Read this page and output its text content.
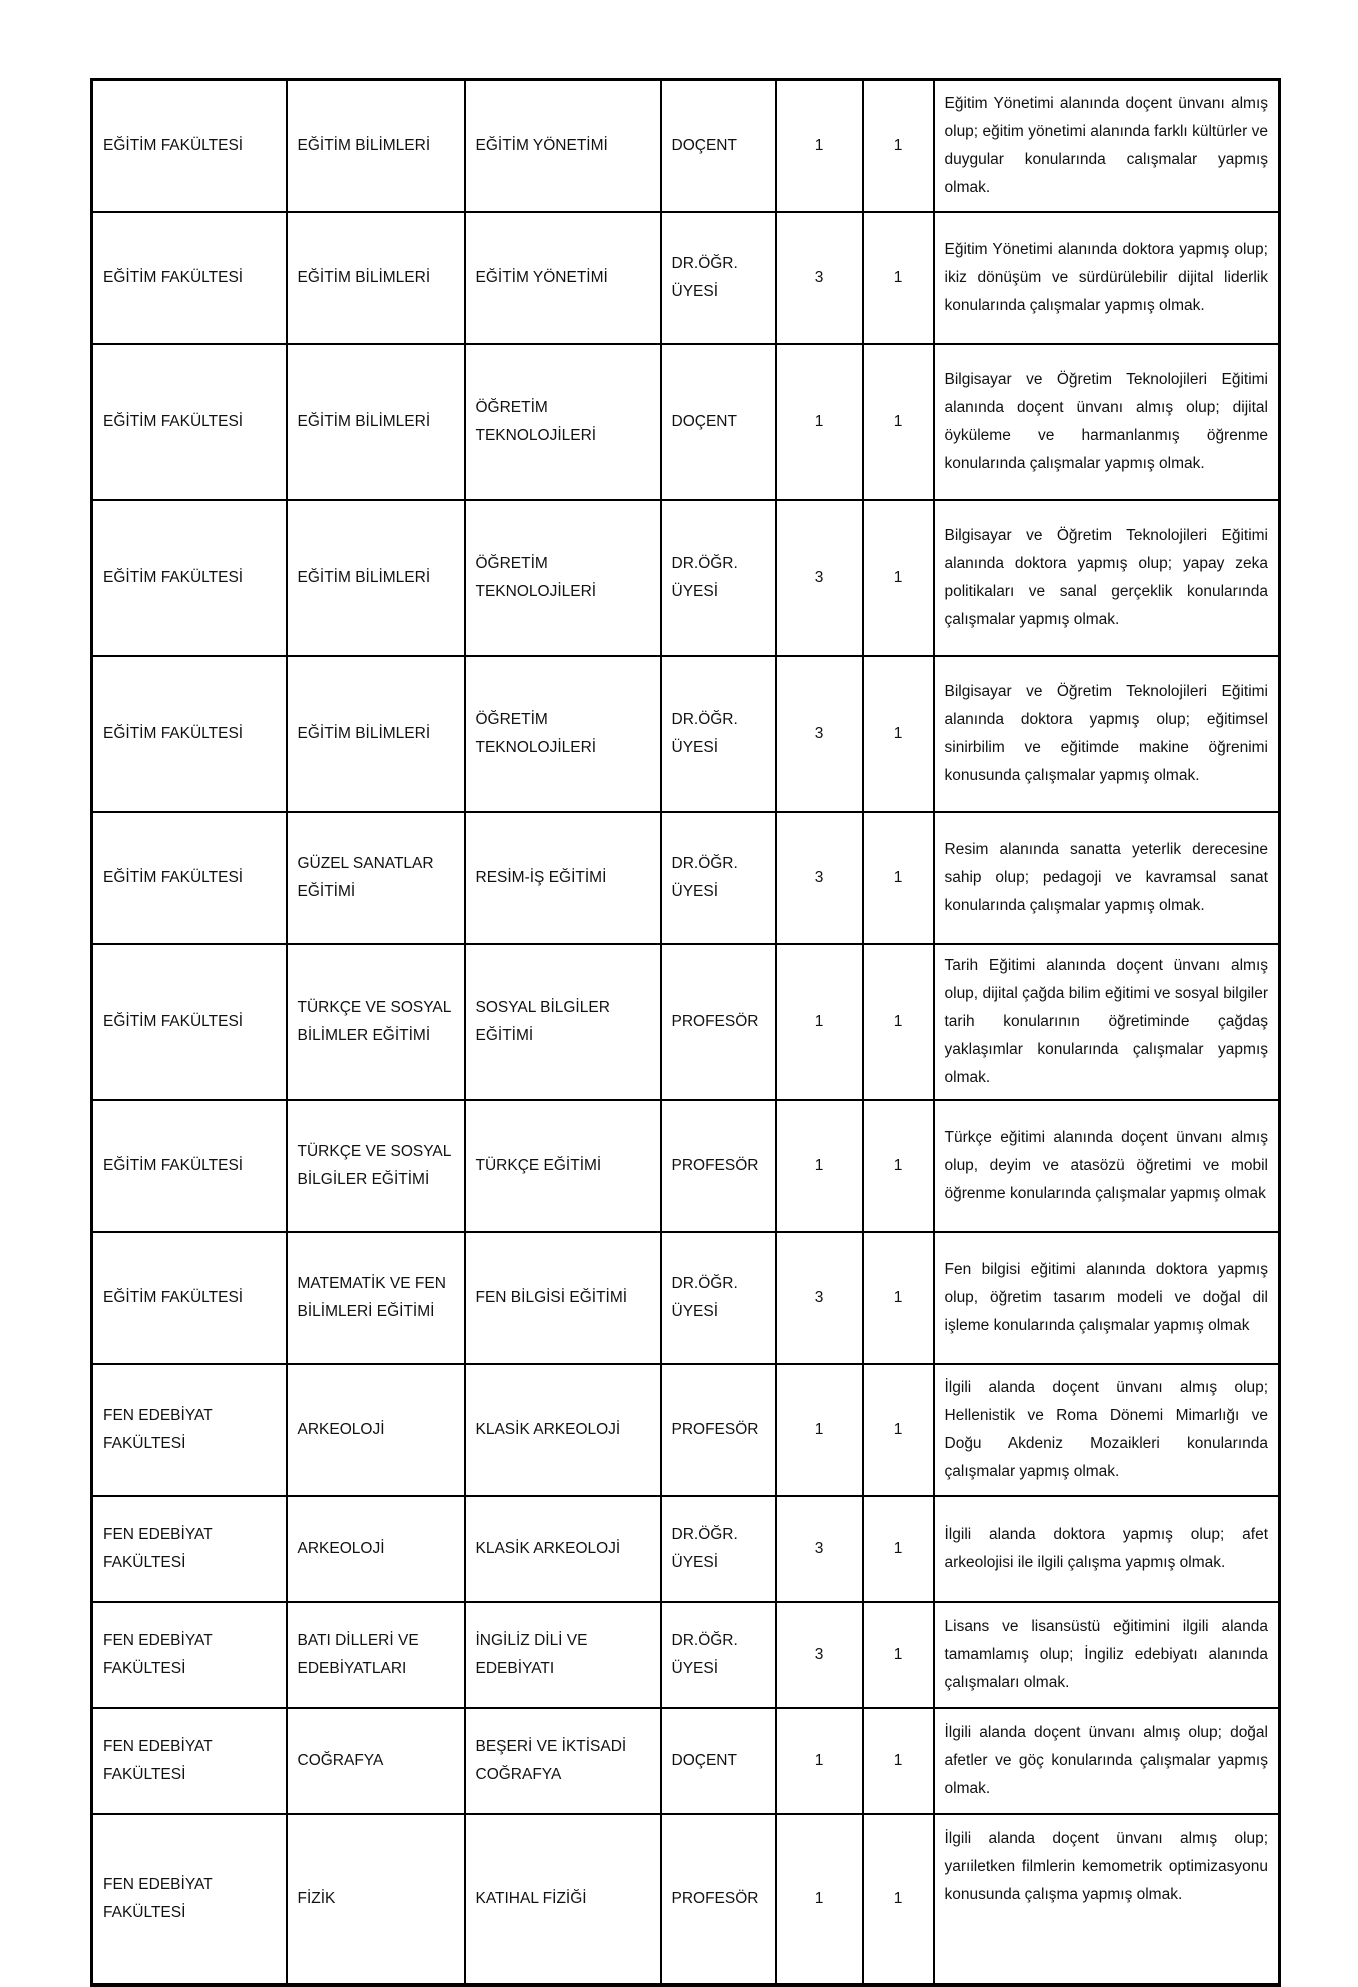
EĞİTİM FAKÜLTESİ	EĞİTİM BİLİMLERİ	EĞİTİM YÖNETİMİ	DOÇENT	1	1	Eğitim Yönetimi alanında doçent ünvanı almış olup; eğitim yönetimi alanında farklı kültürler ve duygular konularında calışmalar yapmış olmak.
EĞİTİM FAKÜLTESİ	EĞİTİM BİLİMLERİ	EĞİTİM YÖNETİMİ	DR.ÖĞR. ÜYESİ	3	1	Eğitim Yönetimi alanında doktora yapmış olup; ikiz dönüşüm ve sürdürülebilir dijital liderlik konularında çalışmalar yapmış olmak.
EĞİTİM FAKÜLTESİ	EĞİTİM BİLİMLERİ	ÖĞRETİM TEKNOLOJİLERİ	DOÇENT	1	1	Bilgisayar ve Öğretim Teknolojileri Eğitimi alanında doçent ünvanı almış olup; dijital öyküleme ve harmanlanmış öğrenme konularında çalışmalar yapmış olmak.
EĞİTİM FAKÜLTESİ	EĞİTİM BİLİMLERİ	ÖĞRETİM TEKNOLOJİLERİ	DR.ÖĞR. ÜYESİ	3	1	Bilgisayar ve Öğretim Teknolojileri Eğitimi alanında doktora yapmış olup; yapay zeka politikaları ve sanal gerçeklik konularında çalışmalar yapmış olmak.
EĞİTİM FAKÜLTESİ	EĞİTİM BİLİMLERİ	ÖĞRETİM TEKNOLOJİLERİ	DR.ÖĞR. ÜYESİ	3	1	Bilgisayar ve Öğretim Teknolojileri Eğitimi alanında doktora yapmış olup; eğitimsel sinirbilim ve eğitimde makine öğrenimi konusunda çalışmalar yapmış olmak.
EĞİTİM FAKÜLTESİ	GÜZEL SANATLAR EĞİTİMİ	RESİM-İŞ EĞİTİMİ	DR.ÖĞR. ÜYESİ	3	1	Resim alanında sanatta yeterlik derecesine sahip olup; pedagoji ve kavramsal sanat konularında çalışmalar yapmış olmak.
EĞİTİM FAKÜLTESİ	TÜRKÇE VE SOSYAL BİLİMLER EĞİTİMİ	SOSYAL BİLGİLER EĞİTİMİ	PROFESÖR	1	1	Tarih Eğitimi alanında doçent ünvanı almış olup, dijital çağda bilim eğitimi ve sosyal bilgiler tarih konularının öğretiminde çağdaş yaklaşımlar konularında çalışmalar yapmış olmak.
EĞİTİM FAKÜLTESİ	TÜRKÇE VE SOSYAL BİLGİLER EĞİTİMİ	TÜRKÇE EĞİTİMİ	PROFESÖR	1	1	Türkçe eğitimi alanında doçent ünvanı almış olup, deyim ve atasözü öğretimi ve mobil öğrenme konularında çalışmalar yapmış olmak
EĞİTİM FAKÜLTESİ	MATEMATİK VE FEN BİLİMLERİ EĞİTİMİ	FEN BİLGİSİ EĞİTİMİ	DR.ÖĞR. ÜYESİ	3	1	Fen bilgisi eğitimi alanında doktora yapmış olup, öğretim tasarım modeli ve doğal dil işleme konularında çalışmalar yapmış olmak
FEN EDEBİYAT FAKÜLTESİ	ARKEOLOJİ	KLASİK ARKEOLOJİ	PROFESÖR	1	1	İlgili alanda doçent ünvanı almış olup; Hellenistik ve Roma Dönemi Mimarlığı ve Doğu Akdeniz Mozaikleri konularında çalışmalar yapmış olmak.
FEN EDEBİYAT FAKÜLTESİ	ARKEOLOJİ	KLASİK ARKEOLOJİ	DR.ÖĞR. ÜYESİ	3	1	İlgili alanda doktora yapmış olup; afet arkeolojisi ile ilgili çalışma yapmış olmak.
FEN EDEBİYAT FAKÜLTESİ	BATI DİLLERİ VE EDEBİYATLARI	İNGİLİZ DİLİ VE EDEBİYATI	DR.ÖĞR. ÜYESİ	3	1	Lisans ve lisansüstü eğitimini ilgili alanda tamamlamış olup; İngiliz edebiyatı alanında çalışmaları olmak.
FEN EDEBİYAT FAKÜLTESİ	COĞRAFYA	BEŞERİ VE İKTİSADİ COĞRAFYA	DOÇENT	1	1	İlgili alanda doçent ünvanı almış olup; doğal afetler ve göç konularında çalışmalar yapmış olmak.
FEN EDEBİYAT FAKÜLTESİ	FİZİK	KATIHAL FİZİĞİ	PROFESÖR	1	1	İlgili alanda doçent ünvanı almış olup; yarıiletken filmlerin kemometrik optimizasyonu konusunda çalışma yapmış olmak.
